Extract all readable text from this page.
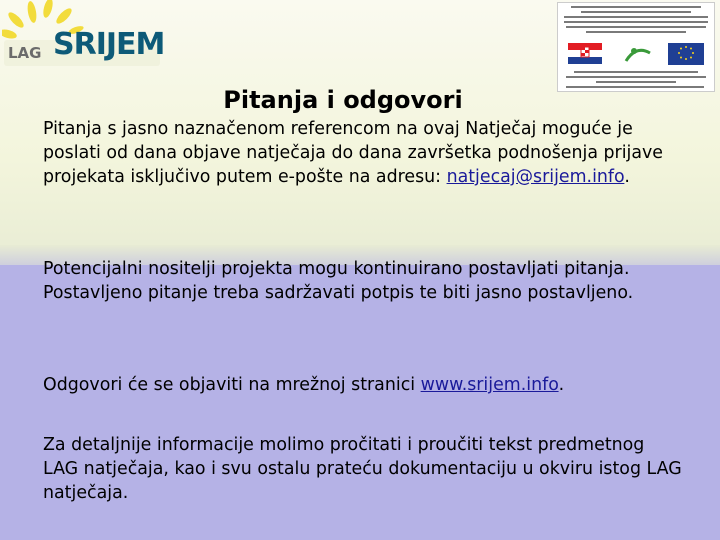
LAG SRIJEM
Pitanja i odgovori

Pitanja s jasno naznačenom referencom na ovaj Natječaj moguće je poslati od dana objave natječaja do dana završetka podnošenja prijave projekata isključivo putem e-pošte na adresu: natjecaj@srijem.info.

Potencijalni nositelji projekta mogu kontinuirano postavljati pitanja. Postavljeno pitanje treba sadržavati potpis te biti jasno postavljeno.

Odgovori će se objaviti na mrežnoj stranici www.srijem.info.

Za detaljnije informacije molimo pročitati i proučiti tekst predmetnog LAG natječaja, kao i svu ostalu prateću dokumentaciju u okviru istog LAG natječaja.
